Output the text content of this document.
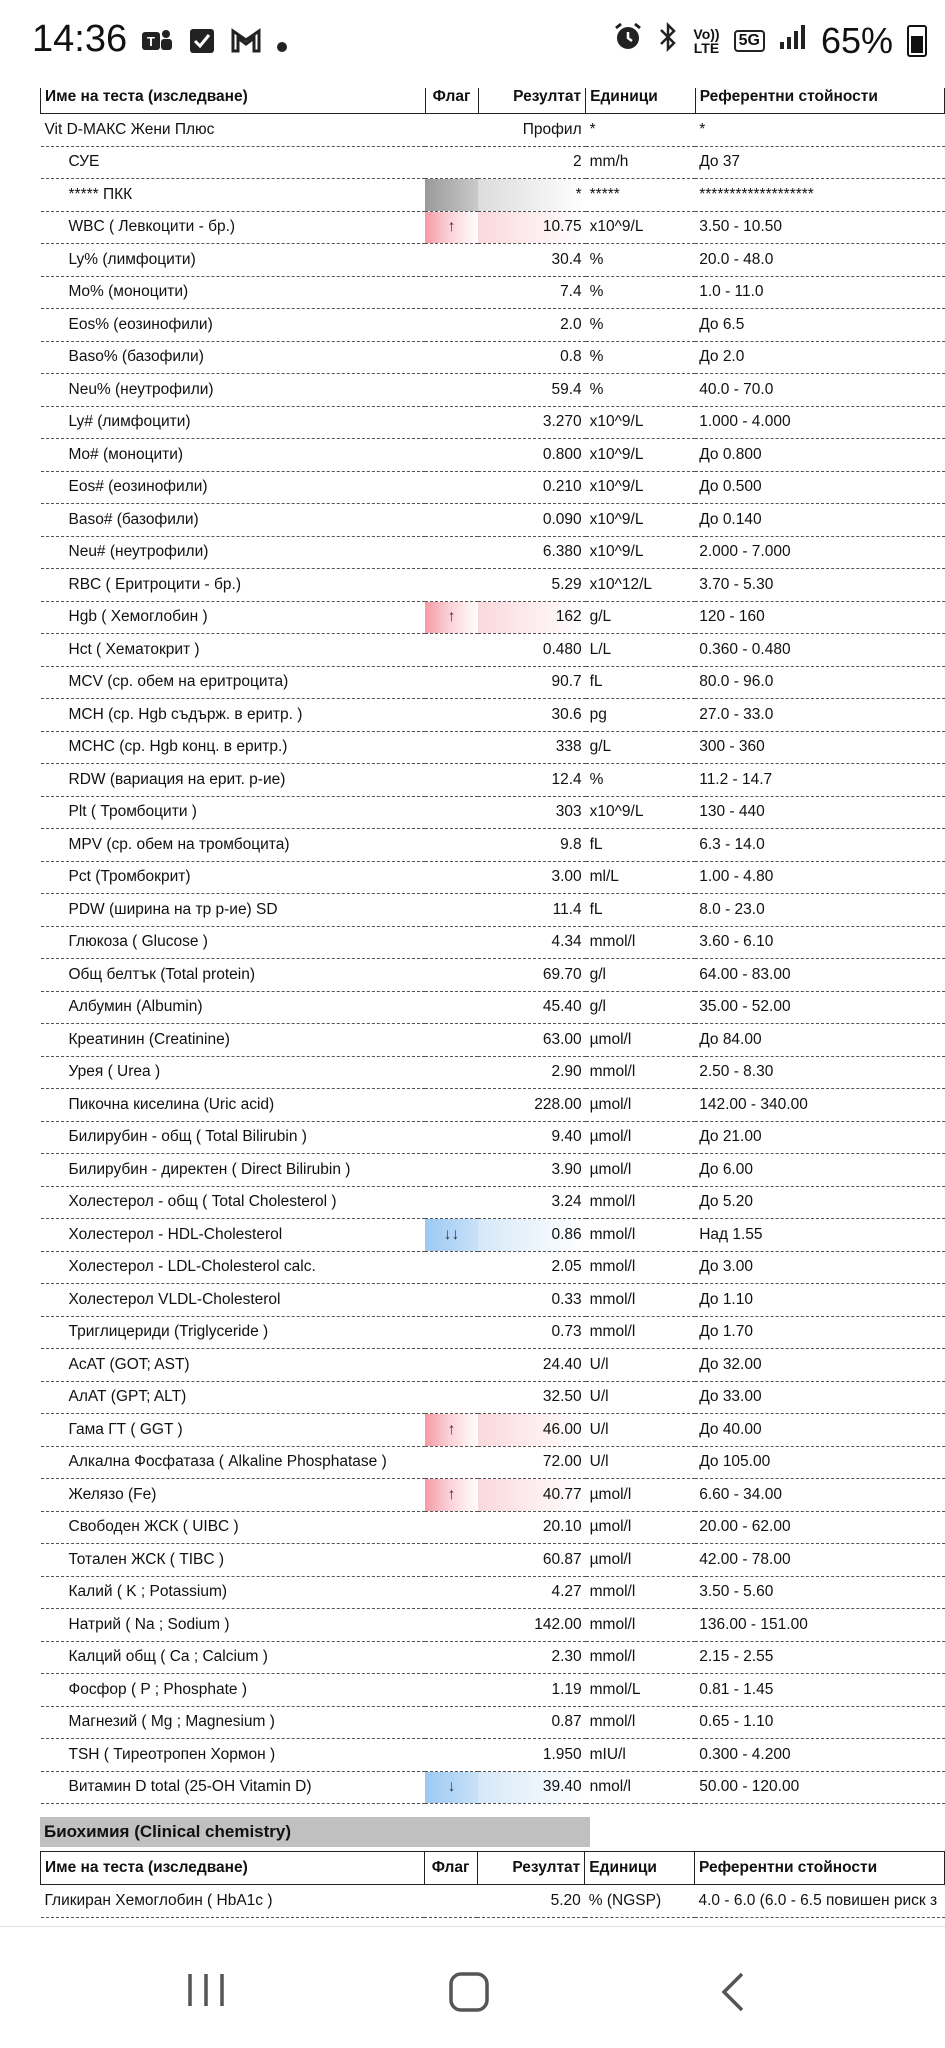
14:36 T	Vo))
LTE	5G 65%
Име на теста (изследване)	Флаг	Резултат	Единици	Референтни стойности
Vit D-МАКС Жени Плюс		Профил	*	*
СУЕ		2	mm/h	До 37
***** ПКК		*	*****	*******************
WBC ( Левкоцити - бр.)	↑	10.75	x10^9/L	3.50 - 10.50
Ly% (лимфоцити)		30.4	%	20.0 - 48.0
Mo% (моноцити)		7.4	%	1.0 - 11.0
Eos% (еозинофили)		2.0	%	До 6.5
Baso% (базофили)		0.8	%	До 2.0
Neu% (неутрофили)		59.4	%	40.0 - 70.0
Ly# (лимфоцити)		3.270	x10^9/L	1.000 - 4.000
Mo# (моноцити)		0.800	x10^9/L	До 0.800
Eos# (еозинофили)		0.210	x10^9/L	До 0.500
Baso# (базофили)		0.090	x10^9/L	До 0.140
Neu# (неутрофили)		6.380	x10^9/L	2.000 - 7.000
RBC ( Еритроцити - бр.)		5.29	x10^12/L	3.70 - 5.30
Hgb ( Хемоглобин )	↑	162	g/L	120 - 160
Hct ( Хематокрит )		0.480	L/L	0.360 - 0.480
MCV (ср. обем на еритроцита)		90.7	fL	80.0 - 96.0
MCH (ср. Hgb съдърж. в еритр. )		30.6	pg	27.0 - 33.0
MCHC (ср. Hgb конц. в еритр.)		338	g/L	300 - 360
RDW (вариация на ерит. р-ие)		12.4	%	11.2 - 14.7
Plt ( Тромбоцити )		303	x10^9/L	130 - 440
MPV (ср. обем на тромбоцита)		9.8	fL	6.3 - 14.0
Pct (Тромбокрит)		3.00	ml/L	1.00 - 4.80
PDW (ширина на тр р-ие) SD		11.4	fL	8.0 - 23.0
Глюкоза ( Glucose )		4.34	mmol/l	3.60 - 6.10
Общ белтък (Total protein)		69.70	g/l	64.00 - 83.00
Албумин (Albumin)		45.40	g/l	35.00 - 52.00
Креатинин (Creatinine)		63.00	µmol/l	До 84.00
Урея ( Urea )		2.90	mmol/l	2.50 - 8.30
Пикочна киселина (Uric acid)		228.00	µmol/l	142.00 - 340.00
Билирубин - общ ( Total Bilirubin )		9.40	µmol/l	До 21.00
Билирубин - директен ( Direct Bilirubin )		3.90	µmol/l	До 6.00
Холестерол - общ ( Total Cholesterol )		3.24	mmol/l	До 5.20
Холестерол - HDL-Cholesterol	↓↓	0.86	mmol/l	Над 1.55
Холестерол - LDL-Cholesterol calc.		2.05	mmol/l	До 3.00
Холестерол VLDL-Cholesterol		0.33	mmol/l	До 1.10
Триглицериди (Triglyceride )		0.73	mmol/l	До 1.70
АсАТ (GOT; AST)		24.40	U/l	До 32.00
АлАТ (GPT; ALT)		32.50	U/l	До 33.00
Гама ГТ ( GGT )	↑	46.00	U/l	До 40.00
Алкална Фосфатаза ( Alkaline Phosphatase )		72.00	U/l	До 105.00
Желязо (Fe)	↑	40.77	µmol/l	6.60 - 34.00
Свободен ЖСК ( UIBC )		20.10	µmol/l	20.00 - 62.00
Тотален ЖСК ( TIBC )		60.87	µmol/l	42.00 - 78.00
Калий ( K ; Potassium)		4.27	mmol/l	3.50 - 5.60
Натрий ( Na ; Sodium )		142.00	mmol/l	136.00 - 151.00
Калций общ ( Ca ; Calcium )		2.30	mmol/l	2.15 - 2.55
Фосфор ( P ; Phosphate )		1.19	mmol/L	0.81 - 1.45
Магнезий ( Mg ; Magnesium )		0.87	mmol/l	0.65 - 1.10
TSH ( Тиреотропен Хормон )		1.950	mIU/l	0.300 - 4.200
Витамин D total (25-OH Vitamin D)	↓	39.40	nmol/l	50.00 - 120.00
Биохимия (Clinical chemistry)
Име на теста (изследване)	Флаг	Резултат	Единици	Референтни стойности
Гликиран Хемоглобин ( HbA1c )		5.20	% (NGSP)	4.0 - 6.0 (6.0 - 6.5 повишен риск з
